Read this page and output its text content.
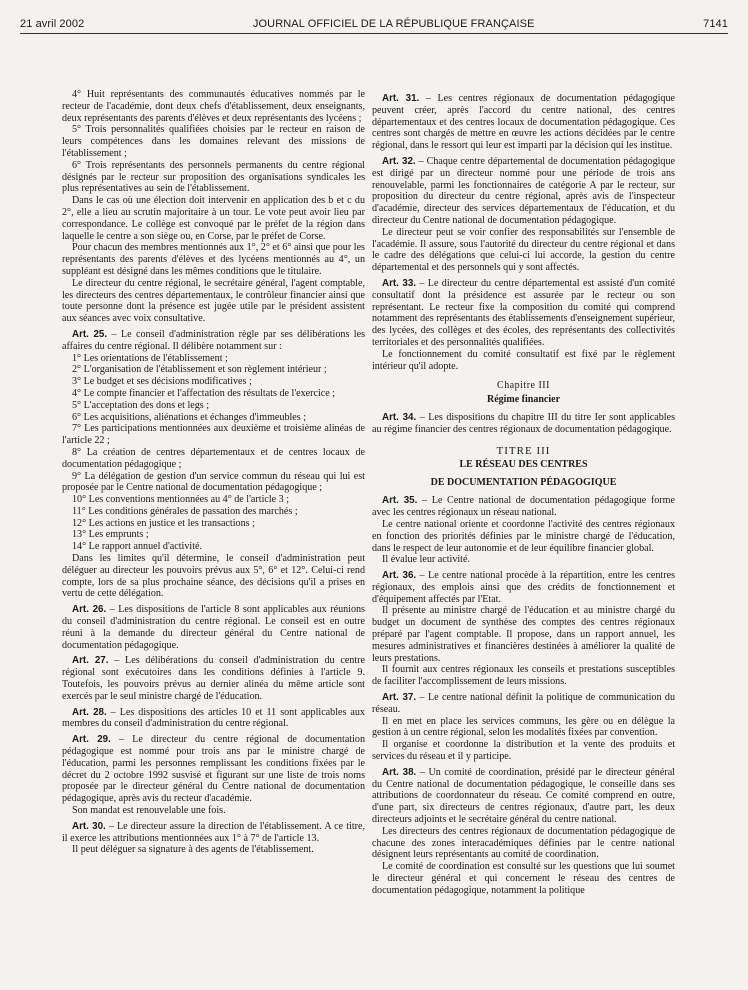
21 avril 2002	JOURNAL OFFICIEL DE LA RÉPUBLIQUE FRANÇAISE	7141

4° Huit représentants des communautés éducatives nommés par le recteur de l'académie, dont deux chefs d'établissement, deux enseignants, deux représentants des parents d'élèves et deux représentants des lycéens ;

5° Trois personnalités qualifiées choisies par le recteur en raison de leurs compétences dans les domaines relevant des missions de l'établissement ;

6° Trois représentants des personnels permanents du centre régional désignés par le recteur sur proposition des organisations syndicales les plus représentatives au sein de l'établissement.

Dans le cas où une élection doit intervenir en application des b et c du 2°, elle a lieu au scrutin majoritaire à un tour. Le vote peut avoir lieu par correspondance. Le collège est convoqué par le préfet de la région dans laquelle le centre a son siège ou, en Corse, par le préfet de Corse.

Pour chacun des membres mentionnés aux 1°, 2° et 6° ainsi que pour les représentants des parents d'élèves et des lycéens mentionnés au 4°, un suppléant est désigné dans les mêmes conditions que le titulaire.

Le directeur du centre régional, le secrétaire général, l'agent comptable, les directeurs des centres départementaux, le contrôleur financier ainsi que toute personne dont la présence est jugée utile par le président assistent aux séances avec voix consultative.

Art. 25. – Le conseil d'administration règle par ses délibérations les affaires du centre régional. Il délibère notamment sur :

1° Les orientations de l'établissement ;

2° L'organisation de l'établissement et son règlement intérieur ;

3° Le budget et ses décisions modificatives ;

4° Le compte financier et l'affectation des résultats de l'exercice ;

5° L'acceptation des dons et legs ;

6° Les acquisitions, aliénations et échanges d'immeubles ;

7° Les participations mentionnées aux deuxième et troisième alinéas de l'article 22 ;

8° La création de centres départementaux et de centres locaux de documentation pédagogique ;

9° La délégation de gestion d'un service commun du réseau qui lui est proposée par le Centre national de documentation pédagogique ;

10° Les conventions mentionnées au 4° de l'article 3 ;

11° Les conditions générales de passation des marchés ;

12° Les actions en justice et les transactions ;

13° Les emprunts ;

14° Le rapport annuel d'activité.

Dans les limites qu'il détermine, le conseil d'administration peut déléguer au directeur les pouvoirs prévus aux 5°, 6° et 12°. Celui-ci rend compte, lors de sa plus prochaine séance, des décisions qu'il a prises en vertu de cette délégation.

Art. 26. – Les dispositions de l'article 8 sont applicables aux réunions du conseil d'administration du centre régional. Le conseil est en outre réuni à la demande du directeur général du Centre national de documentation pédagogique.

Art. 27. – Les délibérations du conseil d'administration du centre régional sont exécutoires dans les conditions définies à l'article 9. Toutefois, les pouvoirs prévus au dernier alinéa du même article sont exercés par le seul ministre chargé de l'éducation.

Art. 28. – Les dispositions des articles 10 et 11 sont applicables aux membres du conseil d'administration du centre régional.

Art. 29. – Le directeur du centre régional de documentation pédagogique est nommé pour trois ans par le ministre chargé de l'éducation, parmi les personnes remplissant les conditions fixées par le décret du 2 octobre 1992 susvisé et figurant sur une liste de trois noms proposée par le directeur général du Centre national de documentation pédagogique, après avis du recteur d'académie.

Son mandat est renouvelable une fois.

Art. 30. – Le directeur assure la direction de l'établissement. A ce titre, il exerce les attributions mentionnées aux 1° à 7° de l'article 13.

Il peut déléguer sa signature à des agents de l'établissement.

Art. 31. – Les centres régionaux de documentation pédagogique peuvent créer, après l'accord du centre national, des centres départementaux et des centres locaux de documentation pédagogique. Ces centres sont chargés de mettre en œuvre les actions décidées par le centre régional, dans le ressort qui leur est imparti par la décision qui les institue.

Art. 32. – Chaque centre départemental de documentation pédagogique est dirigé par un directeur nommé pour une période de trois ans renouvelable, parmi les fonctionnaires de catégorie A par le recteur, sur proposition du directeur du centre régional, après avis de l'inspecteur d'académie, directeur des services départementaux de l'éducation, et du directeur du Centre national de documentation pédagogique.

Le directeur peut se voir confier des responsabilités sur l'ensemble de l'académie. Il assure, sous l'autorité du directeur du centre régional et dans le cadre des délégations que celui-ci lui accorde, la gestion du centre départemental et des personnels qui y sont affectés.

Art. 33. – Le directeur du centre départemental est assisté d'un comité consultatif dont la présidence est assurée par le recteur ou son représentant. Le recteur fixe la composition du comité qui comprend notamment des représentants des établissements d'enseignement supérieur, des lycées, des collèges et des écoles, des représentants des collectivités territoriales et des personnalités qualifiées.

Le fonctionnement du comité consultatif est fixé par le règlement intérieur qu'il adopte.

Chapitre III

Régime financier

Art. 34. – Les dispositions du chapitre III du titre Ier sont applicables au régime financier des centres régionaux de documentation pédagogique.

TITRE III

LE RÉSEAU DES CENTRES

DE DOCUMENTATION PÉDAGOGIQUE

Art. 35. – Le Centre national de documentation pédagogique forme avec les centres régionaux un réseau national.

Le centre national oriente et coordonne l'activité des centres régionaux en fonction des priorités définies par le ministre chargé de l'éducation, dans le respect de leur autonomie et de leur équilibre financier global.

Il évalue leur activité.

Art. 36. – Le centre national procède à la répartition, entre les centres régionaux, des emplois ainsi que des crédits de fonctionnement et d'équipement affectés par l'Etat.

Il présente au ministre chargé de l'éducation et au ministre chargé du budget un document de synthèse des comptes des centres régionaux préparé par l'agent comptable. Il propose, dans un rapport annuel, les mesures administratives et financières destinées à améliorer la qualité de leurs prestations.

Il fournit aux centres régionaux les conseils et prestations susceptibles de faciliter l'accomplissement de leurs missions.

Art. 37. – Le centre national définit la politique de communication du réseau.

Il en met en place les services communs, les gère ou en délègue la gestion à un centre régional, selon les modalités fixées par convention.

Il organise et coordonne la distribution et la vente des produits et services du réseau et il y participe.

Art. 38. – Un comité de coordination, présidé par le directeur général du Centre national de documentation pédagogique, le conseille dans ses attributions de coordonnateur du réseau. Ce comité comprend en outre, d'une part, six directeurs de centres régionaux, d'autre part, les deux directeurs adjoints et le secrétaire général du centre national.

Les directeurs des centres régionaux de documentation pédagogique de chacune des zones interacadémiques définies par le centre national désignent leurs représentants au comité de coordination.

Le comité de coordination est consulté sur les questions que lui soumet le directeur général et qui concernent le réseau des centres de documentation pédagogique, notamment la politique
